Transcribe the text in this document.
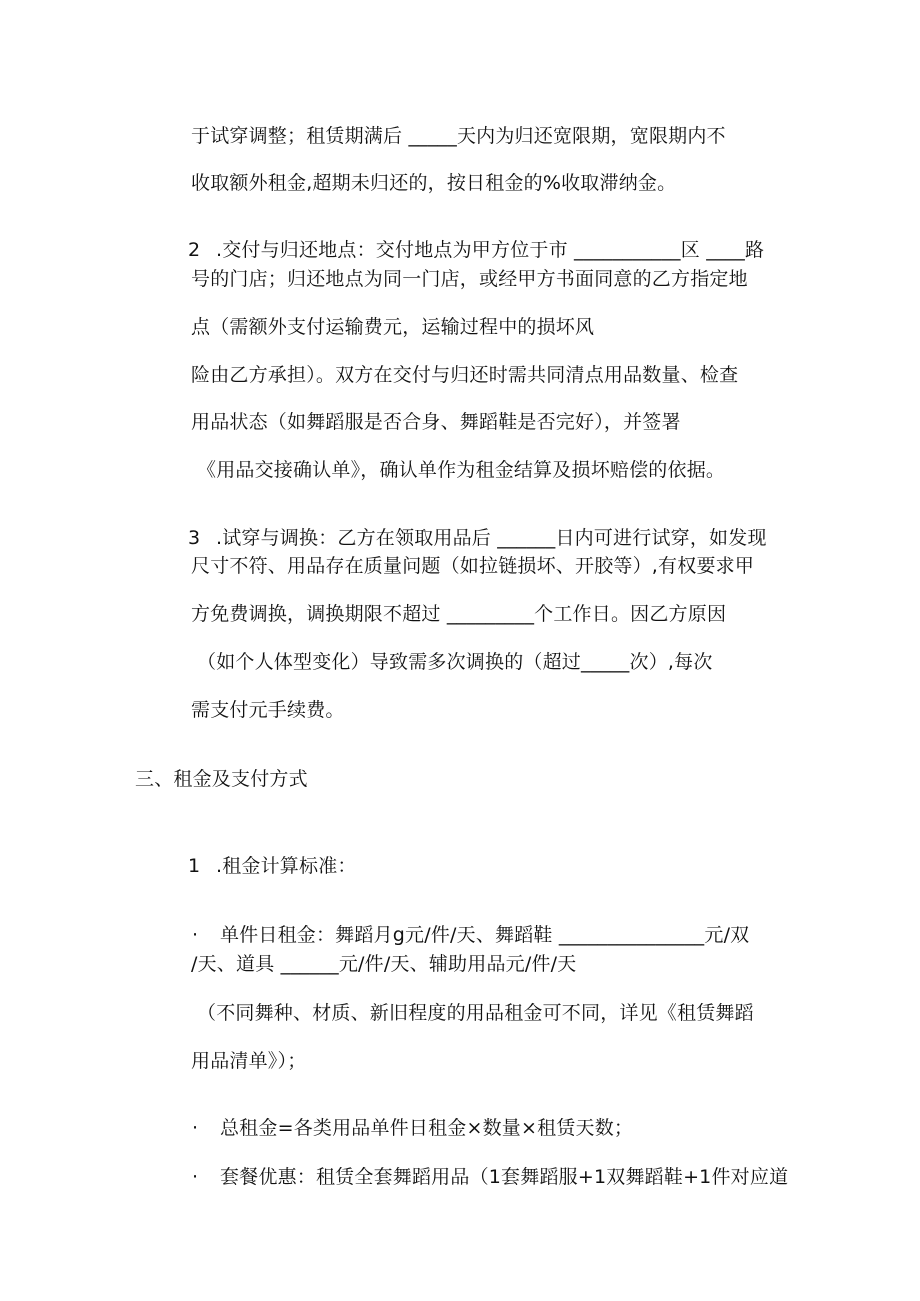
于试穿调整；租赁期满后 _____天内为归还宽限期，宽限期内不
收取额外租金,超期未归还的，按日租金的%收取滞纳金。

2 .交付与归还地点：交付地点为甲方位于市 ___________区 ____路

号的门店；归还地点为同一门店，或经甲方书面同意的乙方指定地
点（需额外支付运输费元，运输过程中的损坏风
险由乙方承担）。双方在交付与归还时需共同清点用品数量、检查
用品状态（如舞蹈服是否合身、舞蹈鞋是否完好），并签署
《用品交接确认单》，确认单作为租金结算及损坏赔偿的依据。

3 .试穿与调换：乙方在领取用品后 ______日内可进行试穿，如发现

尺寸不符、用品存在质量问题（如拉链损坏、开胶等）,有权要求甲
方免费调换，调换期限不超过 _________个工作日。因乙方原因
（如个人体型变化）导致需多次调换的（超过_____次）,每次
需支付元手续费。
三、租金及支付方式

1 .租金计算标准：

· 单件日租金：舞蹈月g元/件/天、舞蹈鞋 _______________元/双

/天、道具 ______元/件/天、辅助用品元/件/天
（不同舞种、材质、新旧程度的用品租金可不同，详见《租赁舞蹈
用品清单》）；

· 总租金=各类用品单件日租金×数量×租赁天数；

· 套餐优惠：租赁全套舞蹈用品（1套舞蹈服+1双舞蹈鞋+1件对应道
